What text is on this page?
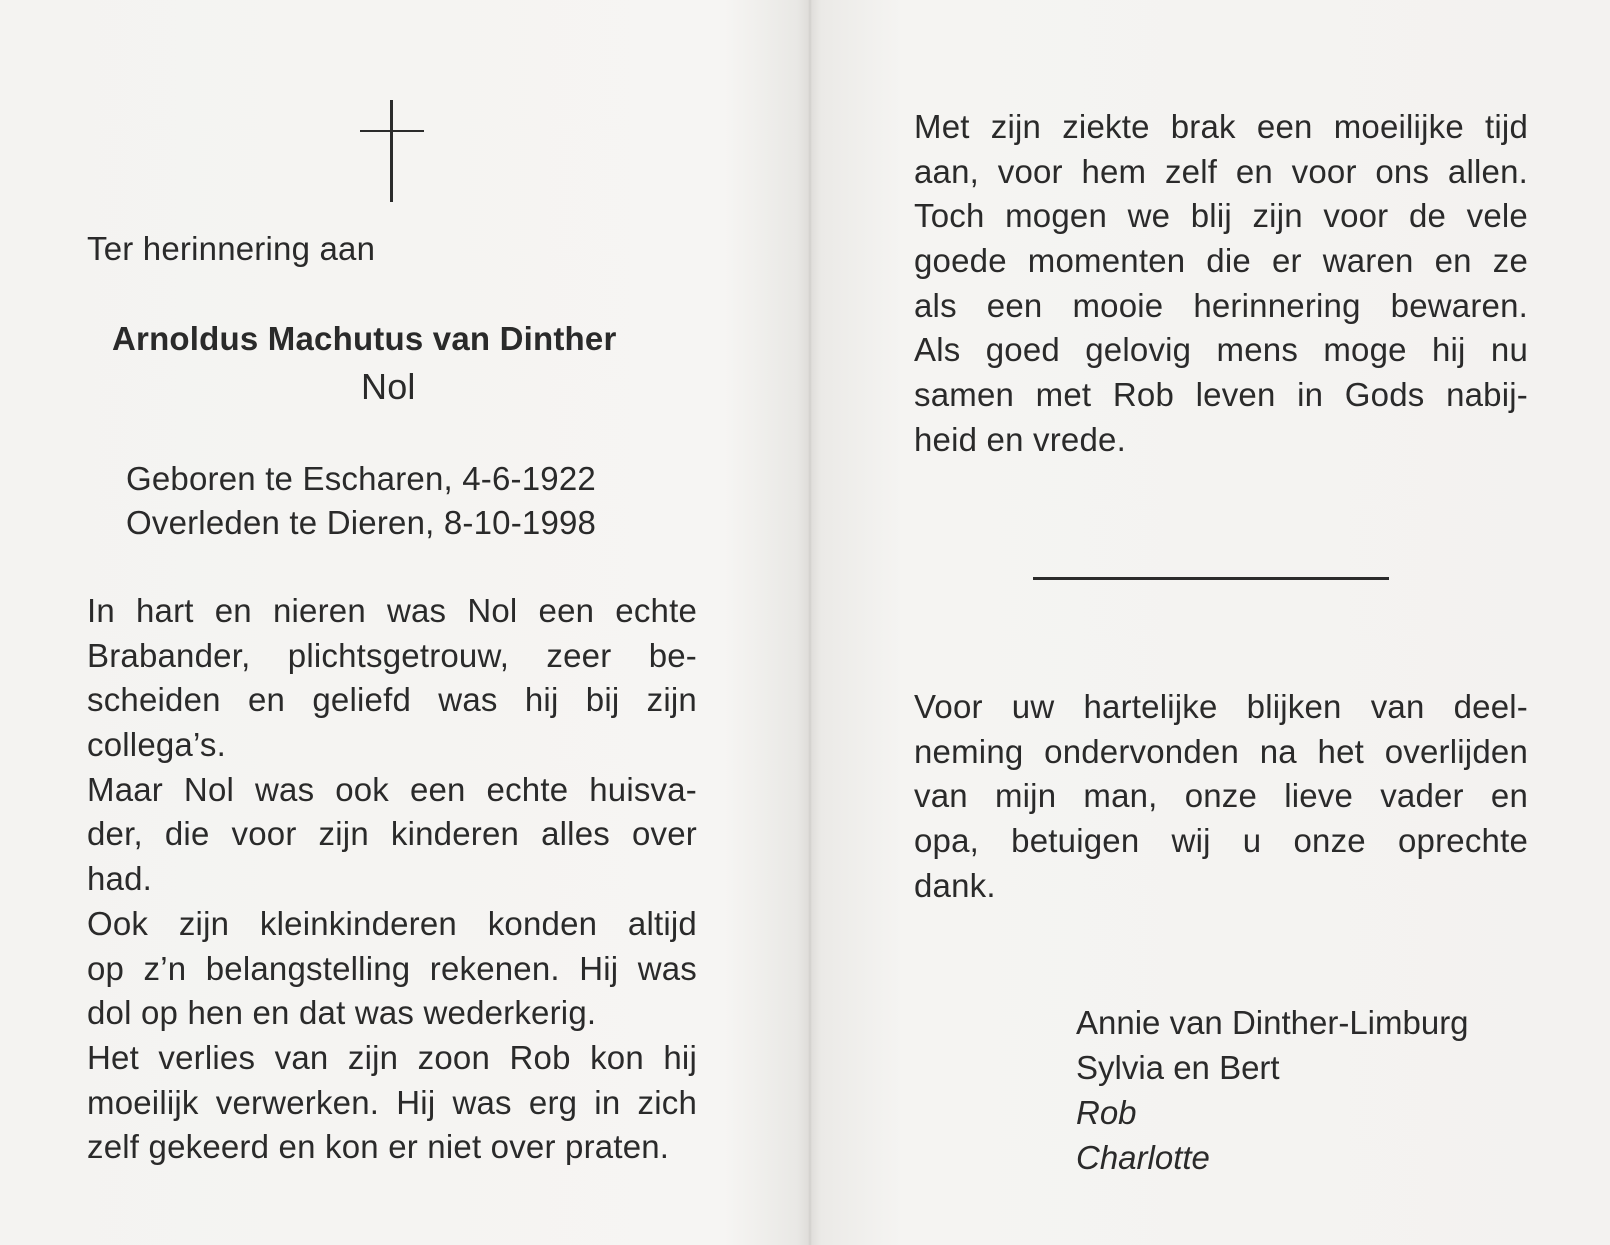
Ter herinnering aan
Arnoldus Machutus van Dinther
Nol
Geboren te Escharen, 4-6-1922
Overleden te Dieren, 8-10-1998
In hart en nieren was Nol een echte
Brabander, plichtsgetrouw, zeer be-
scheiden en geliefd was hij bij zijn
collega’s.
Maar Nol was ook een echte huisva-
der, die voor zijn kinderen alles over
had.
Ook zijn kleinkinderen konden altijd
op z’n belangstelling rekenen. Hij was
dol op hen en dat was wederkerig.
Het verlies van zijn zoon Rob kon hij
moeilijk verwerken. Hij was erg in zich
zelf gekeerd en kon er niet over praten.
Met zijn ziekte brak een moeilijke tijd
aan, voor hem zelf en voor ons allen.
Toch mogen we blij zijn voor de vele
goede momenten die er waren en ze
als een mooie herinnering bewaren.
Als goed gelovig mens moge hij nu
samen met Rob leven in Gods nabij-
heid en vrede.
Voor uw hartelijke blijken van deel-
neming ondervonden na het overlijden
van mijn man, onze lieve vader en
opa, betuigen wij u onze oprechte
dank.
Annie van Dinther-Limburg
Sylvia en Bert
Rob
Charlotte
